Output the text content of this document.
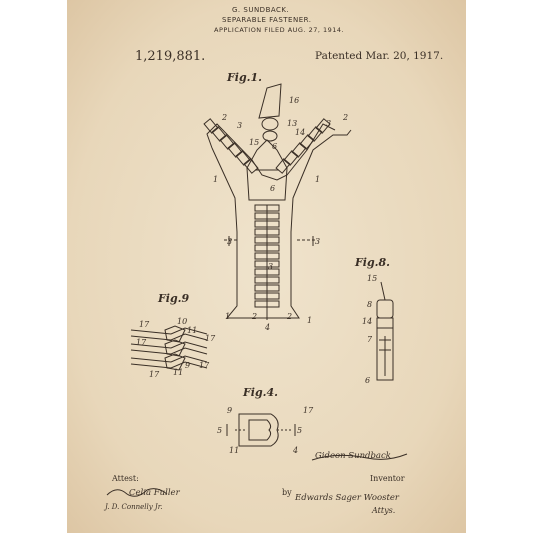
G. SUNDBACK.
SEPARABLE FASTENER.
APPLICATION FILED AUG. 27, 1914.
1,219,881.	Patented Mar. 20, 1917.
Fig.1.
Fig.9
Fig.8.
Fig.4.
16
2
3	3
2
13
14
15 6
6
3
1	1
2	2
4
1	1
3	3
17	10
11
17
17
9
17 11
17
15
8
14
7
6
9	17
5	5
11	4
Attest:
Celia Fuller
J. D. Connelly Jr.
Inventor
Gideon Sundback
by
Edwards Sager Wooster
Attys.
